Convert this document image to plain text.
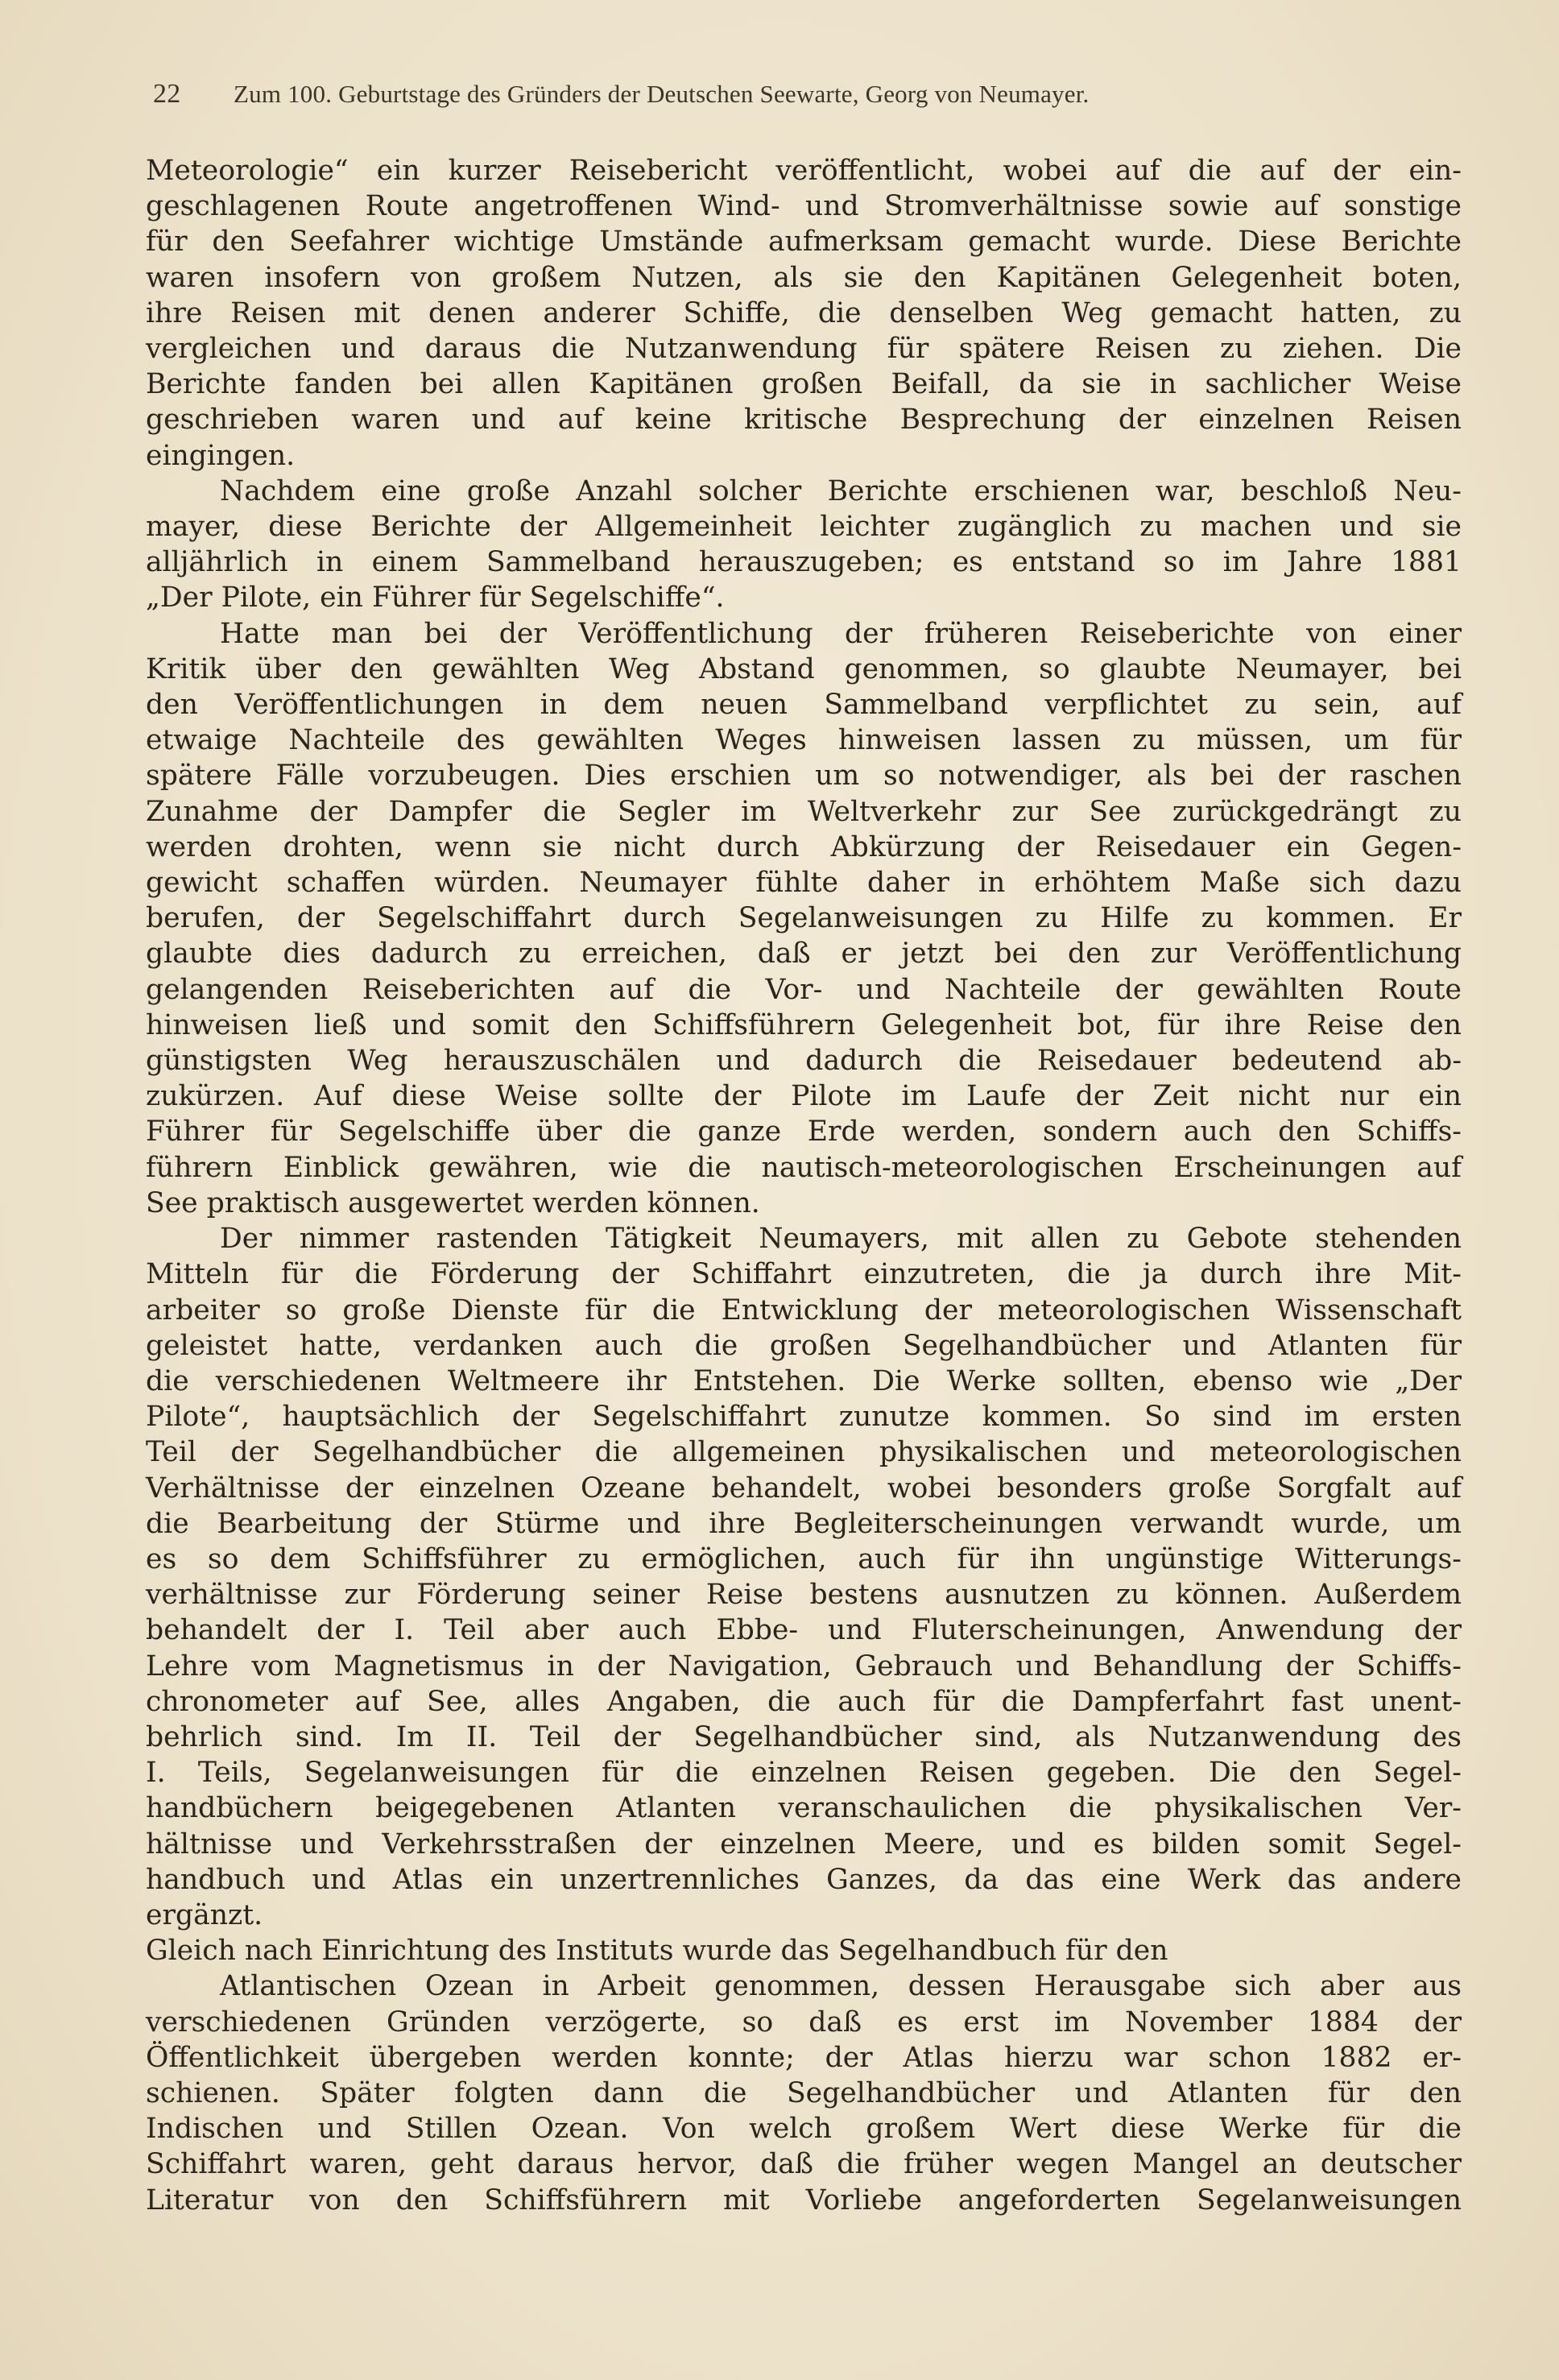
22 Zum 100. Geburtstage des Gründers der Deutschen Seewarte, Georg von Neumayer.
Meteorologie“ ein kurzer Reisebericht veröffentlicht, wobei auf die auf der ein-
geschlagenen Route angetroffenen Wind- und Stromverhältnisse sowie auf sonstige
für den Seefahrer wichtige Umstände aufmerksam gemacht wurde. Diese Berichte
waren insofern von großem Nutzen, als sie den Kapitänen Gelegenheit boten,
ihre Reisen mit denen anderer Schiffe, die denselben Weg gemacht hatten, zu
vergleichen und daraus die Nutzanwendung für spätere Reisen zu ziehen. Die
Berichte fanden bei allen Kapitänen großen Beifall, da sie in sachlicher Weise
geschrieben waren und auf keine kritische Besprechung der einzelnen Reisen
eingingen.
Nachdem eine große Anzahl solcher Berichte erschienen war, beschloß Neu-
mayer, diese Berichte der Allgemeinheit leichter zugänglich zu machen und sie
alljährlich in einem Sammelband herauszugeben; es entstand so im Jahre 1881
„Der Pilote, ein Führer für Segelschiffe“.
Hatte man bei der Veröffentlichung der früheren Reiseberichte von einer
Kritik über den gewählten Weg Abstand genommen, so glaubte Neumayer, bei
den Veröffentlichungen in dem neuen Sammelband verpflichtet zu sein, auf
etwaige Nachteile des gewählten Weges hinweisen lassen zu müssen, um für
spätere Fälle vorzubeugen. Dies erschien um so notwendiger, als bei der raschen
Zunahme der Dampfer die Segler im Weltverkehr zur See zurückgedrängt zu
werden drohten, wenn sie nicht durch Abkürzung der Reisedauer ein Gegen-
gewicht schaffen würden. Neumayer fühlte daher in erhöhtem Maße sich dazu
berufen, der Segelschiffahrt durch Segelanweisungen zu Hilfe zu kommen. Er
glaubte dies dadurch zu erreichen, daß er jetzt bei den zur Veröffentlichung
gelangenden Reiseberichten auf die Vor- und Nachteile der gewählten Route
hinweisen ließ und somit den Schiffsführern Gelegenheit bot, für ihre Reise den
günstigsten Weg herauszuschälen und dadurch die Reisedauer bedeutend ab-
zukürzen. Auf diese Weise sollte der Pilote im Laufe der Zeit nicht nur ein
Führer für Segelschiffe über die ganze Erde werden, sondern auch den Schiffs-
führern Einblick gewähren, wie die nautisch-meteorologischen Erscheinungen auf
See praktisch ausgewertet werden können.
Der nimmer rastenden Tätigkeit Neumayers, mit allen zu Gebote stehenden
Mitteln für die Förderung der Schiffahrt einzutreten, die ja durch ihre Mit-
arbeiter so große Dienste für die Entwicklung der meteorologischen Wissenschaft
geleistet hatte, verdanken auch die großen Segelhandbücher und Atlanten für
die verschiedenen Weltmeere ihr Entstehen. Die Werke sollten, ebenso wie „Der
Pilote“, hauptsächlich der Segelschiffahrt zunutze kommen. So sind im ersten
Teil der Segelhandbücher die allgemeinen physikalischen und meteorologischen
Verhältnisse der einzelnen Ozeane behandelt, wobei besonders große Sorgfalt auf
die Bearbeitung der Stürme und ihre Begleiterscheinungen verwandt wurde, um
es so dem Schiffsführer zu ermöglichen, auch für ihn ungünstige Witterungs-
verhältnisse zur Förderung seiner Reise bestens ausnutzen zu können. Außerdem
behandelt der I. Teil aber auch Ebbe- und Fluterscheinungen, Anwendung der
Lehre vom Magnetismus in der Navigation, Gebrauch und Behandlung der Schiffs-
chronometer auf See, alles Angaben, die auch für die Dampferfahrt fast unent-
behrlich sind. Im II. Teil der Segelhandbücher sind, als Nutzanwendung des
I. Teils, Segelanweisungen für die einzelnen Reisen gegeben. Die den Segel-
handbüchern beigegebenen Atlanten veranschaulichen die physikalischen Ver-
hältnisse und Verkehrsstraßen der einzelnen Meere, und es bilden somit Segel-
handbuch und Atlas ein unzertrennliches Ganzes, da das eine Werk das andere
ergänzt.
Gleich nach Einrichtung des Instituts wurde das Segelhandbuch für den
Atlantischen Ozean in Arbeit genommen, dessen Herausgabe sich aber aus
verschiedenen Gründen verzögerte, so daß es erst im November 1884 der
Öffentlichkeit übergeben werden konnte; der Atlas hierzu war schon 1882 er-
schienen. Später folgten dann die Segelhandbücher und Atlanten für den
Indischen und Stillen Ozean. Von welch großem Wert diese Werke für die
Schiffahrt waren, geht daraus hervor, daß die früher wegen Mangel an deutscher
Literatur von den Schiffsführern mit Vorliebe angeforderten Segelanweisungen
